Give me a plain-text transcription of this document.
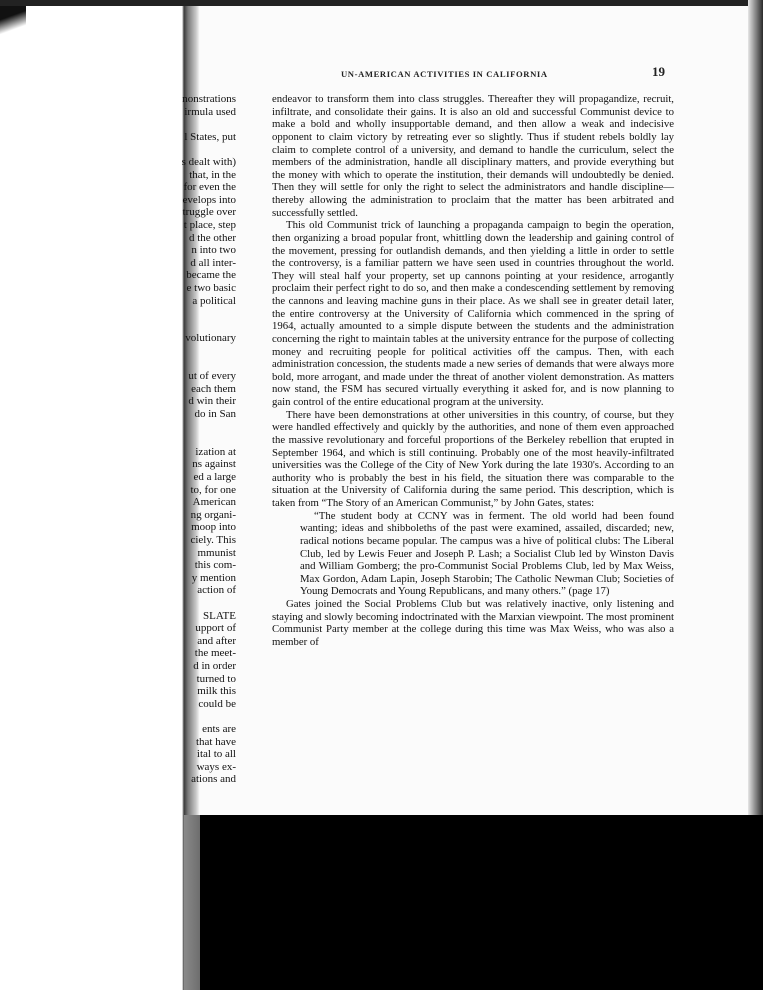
UN-AMERICAN ACTIVITIES IN CALIFORNIA	19
nonstrations
irmula used
l States, put
s dealt with)
that, in the
for even the
evelops into
truggle over
t place, step
d the other
n into two
d all inter-
became the
e two basic
a political
volutionary
ut of every
each them
d win their
do in San
ization at
ns against
ed a large
to, for one
American
ng organi-
moop into
ciely. This
mmunist
this com-
y mention
action of
SLATE
upport of
and after
the meet-
d in order
turned to
milk this
could be
ents are
that have
ital to all
ways ex-
ations and

endeavor to transform them into class struggles. Thereafter they will propagandize, recruit, infiltrate, and consolidate their gains. It is also an old and successful Communist device to make a bold and wholly insupportable demand, and then allow a weak and indecisive opponent to claim victory by retreating ever so slightly. Thus if student rebels boldly lay claim to complete control of a university, and demand to handle the curriculum, select the members of the administration, handle all disciplinary matters, and provide everything but the money with which to operate the institution, their demands will undoubtedly be denied. Then they will settle for only the right to select the administrators and handle discipline—thereby allowing the administration to proclaim that the matter has been arbitrated and successfully settled.

This old Communist trick of launching a propaganda campaign to begin the operation, then organizing a broad popular front, whittling down the leadership and gaining control of the movement, pressing for outlandish demands, and then yielding a little in order to settle the controversy, is a familiar pattern we have seen used in countries throughout the world. They will steal half your property, set up cannons pointing at your residence, arrogantly proclaim their perfect right to do so, and then make a condescending settlement by removing the cannons and leaving machine guns in their place. As we shall see in greater detail later, the entire controversy at the University of California which commenced in the spring of 1964, actually amounted to a simple dispute between the students and the administration concerning the right to maintain tables at the university entrance for the purpose of collecting money and recruiting people for political activities off the campus. Then, with each administration concession, the students made a new series of demands that were always more bold, more arrogant, and made under the threat of another violent demonstration. As matters now stand, the FSM has secured virtually everything it asked for, and is now planning to gain control of the entire educational program at the university.

There have been demonstrations at other universities in this country, of course, but they were handled effectively and quickly by the authorities, and none of them even approached the massive revolutionary and forceful proportions of the Berkeley rebellion that erupted in September 1964, and which is still continuing. Probably one of the most heavily-infiltrated universities was the College of the City of New York during the late 1930's. According to an authority who is probably the best in his field, the situation there was comparable to the situation at the University of California during the same period. This description, which is taken from “The Story of an American Communist,” by John Gates, states:

“The student body at CCNY was in ferment. The old world had been found wanting; ideas and shibboleths of the past were examined, assailed, discarded; new, radical notions became popular. The campus was a hive of political clubs: The Liberal Club, led by Lewis Feuer and Joseph P. Lash; a Socialist Club led by Winston Davis and William Gomberg; the pro-Communist Social Problems Club, led by Max Weiss, Max Gordon, Adam Lapin, Joseph Starobin; The Catholic Newman Club; Societies of Young Democrats and Young Republicans, and many others.” (page 17)

Gates joined the Social Problems Club but was relatively inactive, only listening and staying and slowly becoming indoctrinated with the Marxian viewpoint. The most prominent Communist Party member at the college during this time was Max Weiss, who was also a member of
